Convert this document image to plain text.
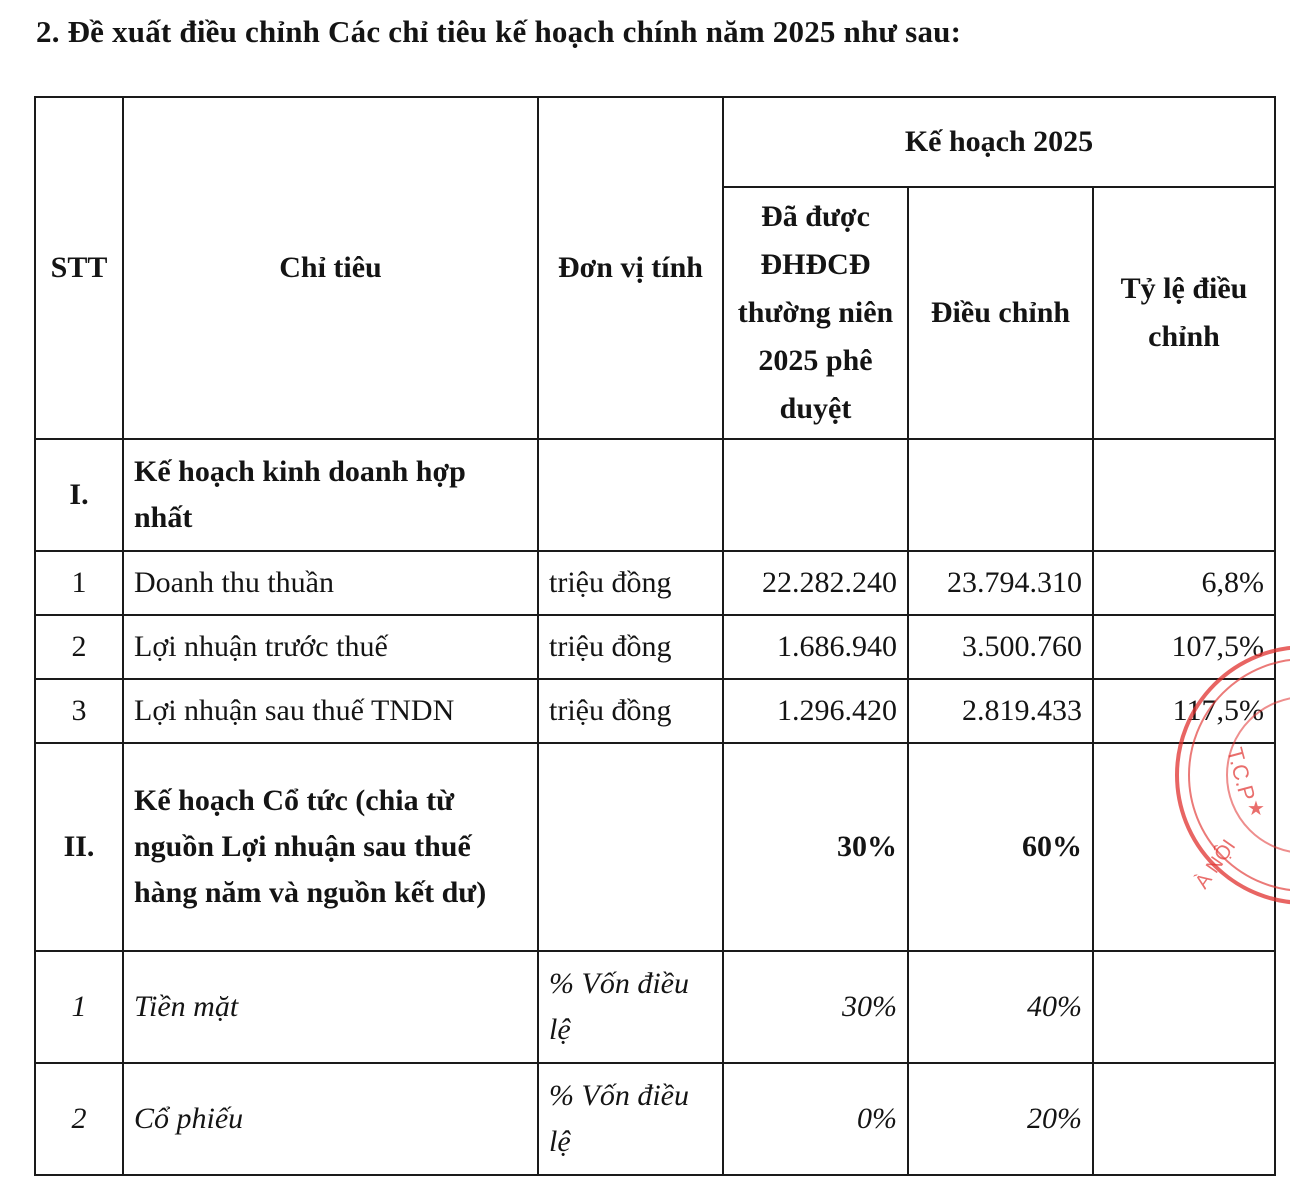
2. Đề xuất điều chỉnh Các chỉ tiêu kế hoạch chính năm 2025 như sau:
STT	Chỉ tiêu	Đơn vị tính	Kế hoạch 2025		
			Đã được ĐHĐCĐ thường niên 2025 phê duyệt	Điều chỉnh	Tỷ lệ điều chỉnh
I.	Kế hoạch kinh doanh hợp nhất				
1	Doanh thu thuần	triệu đồng	22.282.240	23.794.310	6,8%
2	Lợi nhuận trước thuế	triệu đồng	1.686.940	3.500.760	107,5%
3	Lợi nhuận sau thuế TNDN	triệu đồng	1.296.420	2.819.433	117,5%
II.	Kế hoạch Cổ tức (chia từ nguồn Lợi nhuận sau thuế hàng năm và nguồn kết dư)		30%	60%	
1	Tiền mặt	% Vốn điều lệ	30%	40%	
2	Cổ phiếu	% Vốn điều lệ	0%	20%	
T.C.P
★
À NỘI
